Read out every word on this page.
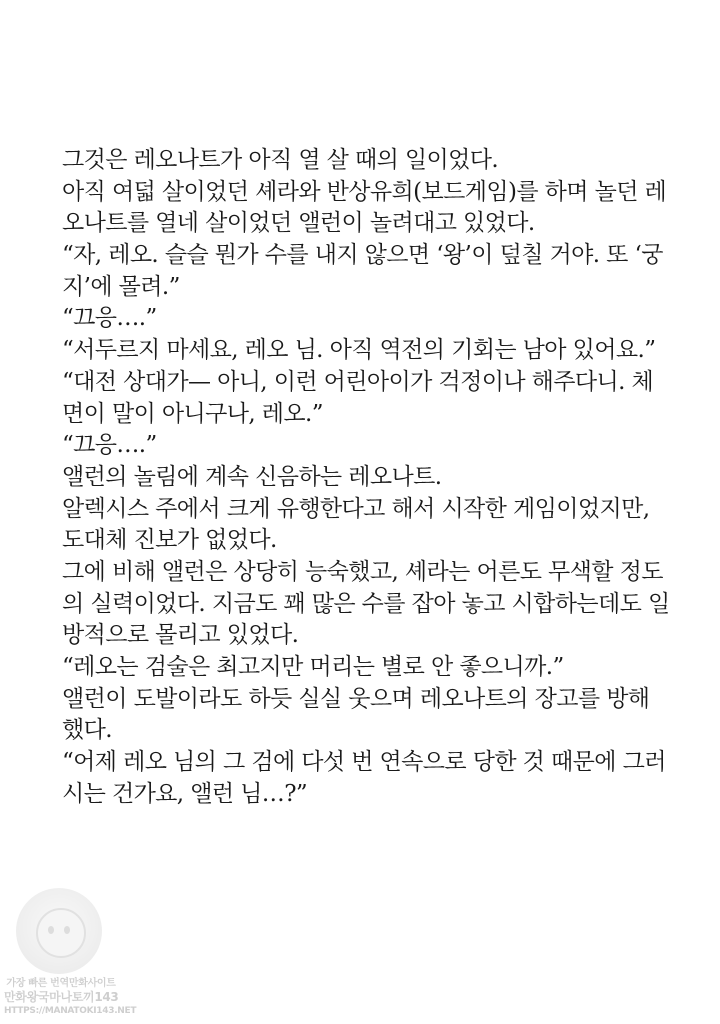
그것은 레오나트가 아직 열 살 때의 일이었다.
아직 여덟 살이었던 셰라와 반상유희(보드게임)를 하며 놀던 레
오나트를 열네 살이었던 앨런이 놀려대고 있었다.
“자, 레오. 슬슬 뭔가 수를 내지 않으면 ‘왕’이 덮칠 거야. 또 ‘궁
지’에 몰려.”
“끄응….”
“서두르지 마세요, 레오 님. 아직 역전의 기회는 남아 있어요.”
“대전 상대가— 아니, 이런 어린아이가 걱정이나 해주다니. 체
면이 말이 아니구나, 레오.”
“끄응….”
앨런의 놀림에 계속 신음하는 레오나트.
알렉시스 주에서 크게 유행한다고 해서 시작한 게임이었지만,
도대체 진보가 없었다.
그에 비해 앨런은 상당히 능숙했고, 셰라는 어른도 무색할 정도
의 실력이었다. 지금도 꽤 많은 수를 잡아 놓고 시합하는데도 일
방적으로 몰리고 있었다.
“레오는 검술은 최고지만 머리는 별로 안 좋으니까.”
앨런이 도발이라도 하듯 실실 웃으며 레오나트의 장고를 방해
했다.
“어제 레오 님의 그 검에 다섯 번 연속으로 당한 것 때문에 그러
시는 건가요, 앨런 님…?”
가장 빠른 번역만화사이트
만화왕국마나토끼143
HTTPS://MANATOKI143.NET
